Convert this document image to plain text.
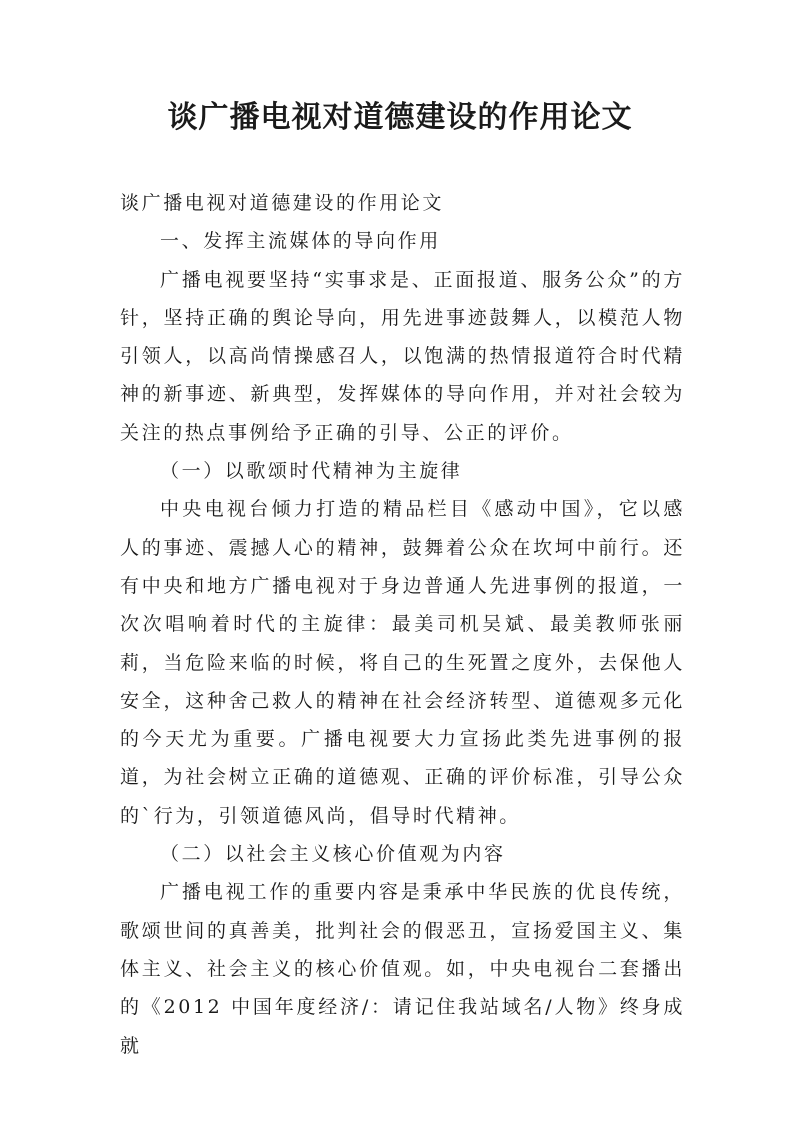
谈广播电视对道德建设的作用论文

谈广播电视对道德建设的作用论文

一、发挥主流媒体的导向作用

广播电视要坚持“实事求是、正面报道、服务公众”的方针，坚持正确的舆论导向，用先进事迹鼓舞人，以模范人物引领人，以高尚情操感召人，以饱满的热情报道符合时代精神的新事迹、新典型，发挥媒体的导向作用，并对社会较为关注的热点事例给予正确的引导、公正的评价。

（一）以歌颂时代精神为主旋律

中央电视台倾力打造的精品栏目《感动中国》，它以感人的事迹、震撼人心的精神，鼓舞着公众在坎坷中前行。还有中央和地方广播电视对于身边普通人先进事例的报道，一次次唱响着时代的主旋律：最美司机吴斌、最美教师张丽莉，当危险来临的时候，将自己的生死置之度外，去保他人安全，这种舍己救人的精神在社会经济转型、道德观多元化的今天尤为重要。广播电视要大力宣扬此类先进事例的报道，为社会树立正确的道德观、正确的评价标准，引导公众的`行为，引领道德风尚，倡导时代精神。

（二）以社会主义核心价值观为内容

广播电视工作的重要内容是秉承中华民族的优良传统，歌颂世间的真善美，批判社会的假恶丑，宣扬爱国主义、集体主义、社会主义的核心价值观。如，中央电视台二套播出的《2012 中国年度经济/：请记住我站域名/人物》终身成就
